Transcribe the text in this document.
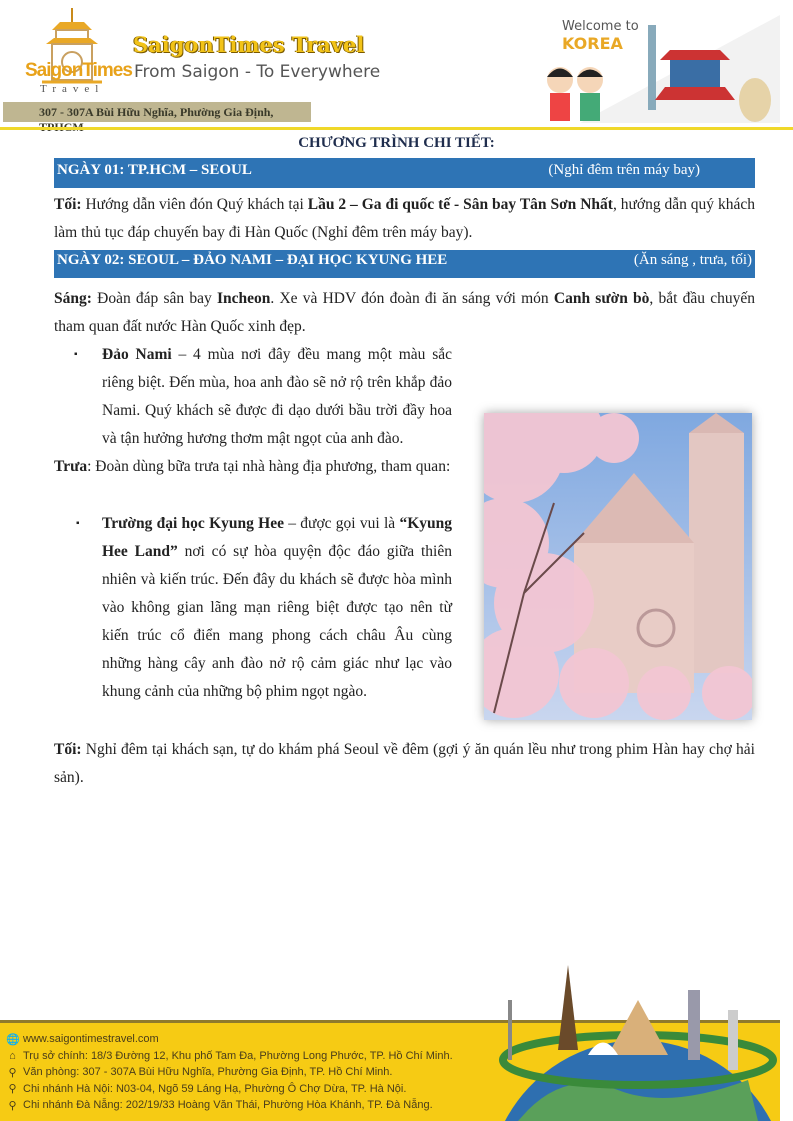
SaigonTimes
Travel
SaigonTimes Travel
From Saigon - To Everywhere
307 - 307A Bùi Hữu Nghĩa, Phường Gia Định,
Welcome to
KOREA
CHƯƠNG TRÌNH CHI TIẾT:
NGÀY 01: TP.HCM – SEOUL	(Nghỉ đêm trên máy bay)
Tối: Hướng dẫn viên đón Quý khách tại Lầu 2 – Ga đi quốc tế - Sân bay Tân Sơn Nhất, hướng dẫn quý khách làm thủ tục đáp chuyến bay đi Hàn Quốc (Nghỉ đêm trên máy bay).
NGÀY 02: SEOUL – ĐẢO NAMI – ĐẠI HỌC KYUNG HEE	(Ăn sáng , trưa, tối)
Sáng: Đoàn đáp sân bay Incheon. Xe và HDV đón đoàn đi ăn sáng với món Canh sườn bò, bắt đầu chuyến tham quan đất nước Hàn Quốc xinh đẹp.
▪ Đảo Nami – 4 mùa nơi đây đều mang một màu sắc riêng biệt. Đến mùa, hoa anh đào sẽ nở rộ trên khắp đảo Nami. Quý khách sẽ được đi dạo dưới bầu trời đầy hoa và tận hưởng hương thơm mật ngọt của anh đào.
Trưa: Đoàn dùng bữa trưa tại nhà hàng địa phương, tham quan:
▪ Trường đại học Kyung Hee – được gọi vui là “Kyung Hee Land” nơi có sự hòa quyện độc đáo giữa thiên nhiên và kiến trúc. Đến đây du khách sẽ được hòa mình vào không gian lãng mạn riêng biệt được tạo nên từ kiến trúc cổ điển mang phong cách châu Âu cùng những hàng cây anh đào nở rộ cảm giác như lạc vào khung cảnh của những bộ phim ngọt ngào.
Tối: Nghỉ đêm tại khách sạn, tự do khám phá Seoul về đêm (gợi ý ăn quán lều như trong phim Hàn hay chợ hải sản).
🌐 www.saigontimestravel.com
⌂ Trụ sở chính: 18/3 Đường 12, Khu phố Tam Đa, Phường Long Phước, TP. Hồ Chí Minh.
⚲ Văn phòng: 307 - 307A Bùi Hữu Nghĩa, Phường Gia Định, TP. Hồ Chí Minh.
⚲ Chi nhánh Hà Nội: N03-04, Ngõ 59 Láng Hạ, Phường Ô Chợ Dừa, TP. Hà Nội.
⚲ Chi nhánh Đà Nẵng: 202/19/33 Hoàng Văn Thái, Phường Hòa Khánh, TP. Đà Nẵng.
